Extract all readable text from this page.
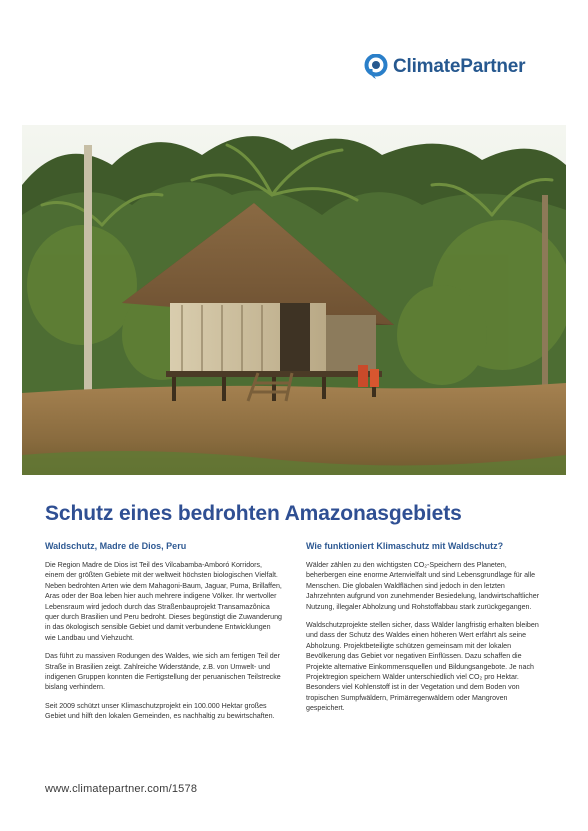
ClimatePartner
Schutz eines bedrohten Amazonasgebiets
Waldschutz, Madre de Dios, Peru

Die Region Madre de Dios ist Teil des Vilcabamba-Amboró Korridors, einem der größten Gebiete mit der weltweit höchsten biologischen Vielfalt. Neben bedrohten Arten wie dem Mahagoni-Baum, Jaguar, Puma, Brillaffen, Aras oder der Boa leben hier auch mehrere indigene Völker. Ihr wertvoller Lebensraum wird jedoch durch das Straßenbauprojekt Transamazônica quer durch Brasilien und Peru bedroht. Dieses begünstigt die Zuwanderung in das ökologisch sensible Gebiet und damit verbundene Entwicklungen wie Landbau und Viehzucht.

Das führt zu massiven Rodungen des Waldes, wie sich am fertigen Teil der Straße in Brasilien zeigt. Zahlreiche Widerstände, z.B. von Umwelt- und indigenen Gruppen konnten die Fertigstellung der peruanischen Teilstrecke bislang verhindern.

Seit 2009 schützt unser Klimaschutzprojekt ein 100.000 Hektar großes Gebiet und hilft den lokalen Gemeinden, es nachhaltig zu bewirtschaften.

Wie funktioniert Klimaschutz mit Waldschutz?

Wälder zählen zu den wichtigsten CO₂-Speichern des Planeten, beherbergen eine enorme Artenvielfalt und sind Lebensgrundlage für alle Menschen. Die globalen Waldflächen sind jedoch in den letzten Jahrzehnten aufgrund von zunehmender Besiedelung, landwirtschaftlicher Nutzung, illegaler Abholzung und Rohstoffabbau stark zurückgegangen.

Waldschutzprojekte stellen sicher, dass Wälder langfristig erhalten bleiben und dass der Schutz des Waldes einen höheren Wert erfährt als seine Abholzung. Projektbeteiligte schützen gemeinsam mit der lokalen Bevölkerung das Gebiet vor negativen Einflüssen. Dazu schaffen die Projekte alternative Einkommensquellen und Bildungsangebote. Je nach Projektregion speichern Wälder unterschiedlich viel CO₂ pro Hektar. Besonders viel Kohlenstoff ist in der Vegetation und dem Boden von tropischen Sumpfwäldern, Primärregenwäldern oder Mangroven gespeichert.

www.climatepartner.com/1578
